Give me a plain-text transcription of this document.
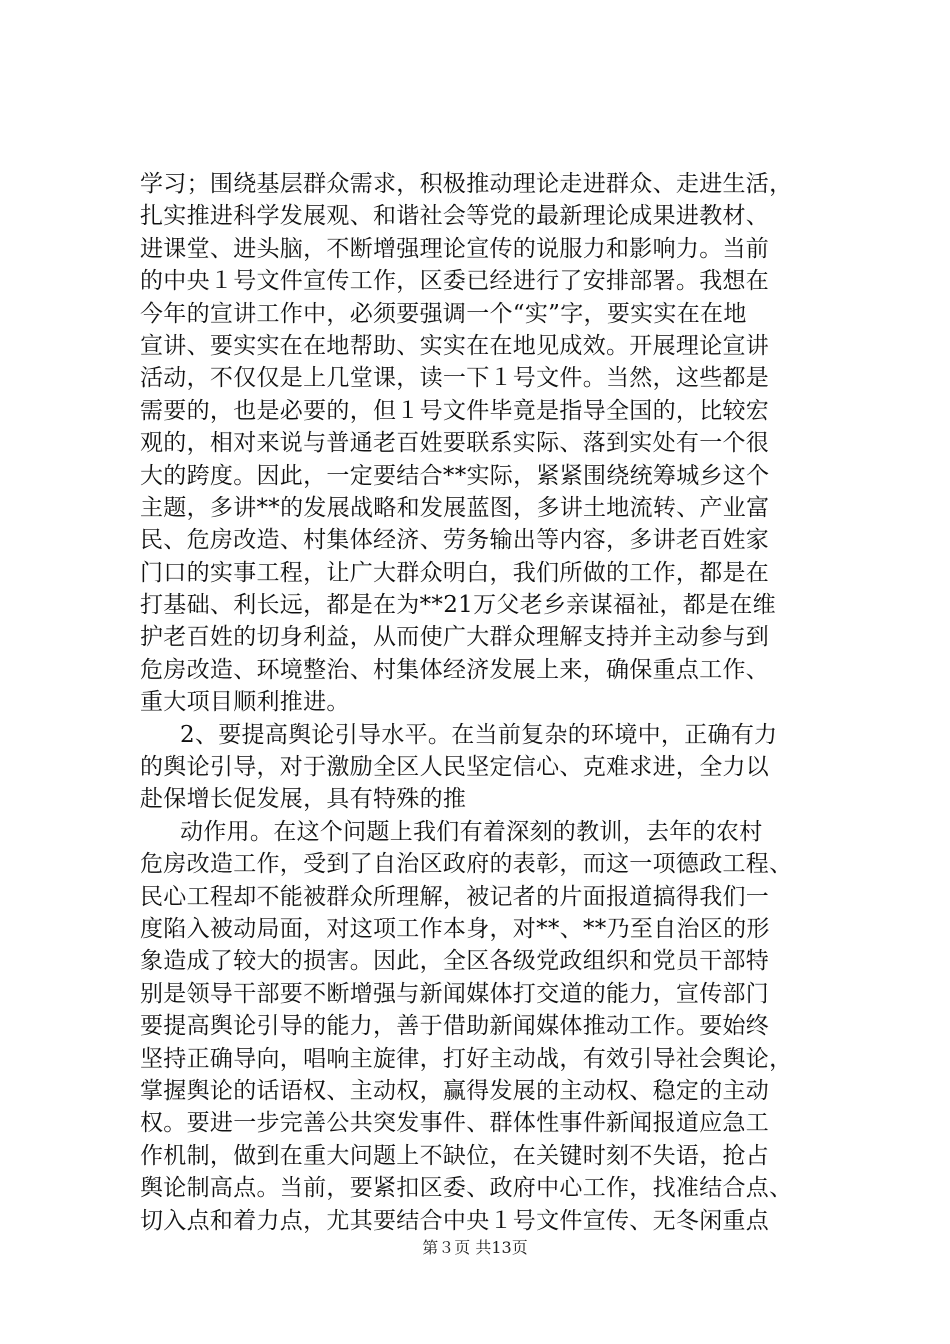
学习；围绕基层群众需求，积极推动理论走进群众、走进生活，
扎实推进科学发展观、和谐社会等党的最新理论成果进教材、
进课堂、进头脑，不断增强理论宣传的说服力和影响力。当前
的中央１号文件宣传工作，区委已经进行了安排部署。我想在
今年的宣讲工作中，必须要强调一个“实”字，要实实在在地
宣讲、要实实在在地帮助、实实在在地见成效。开展理论宣讲
活动，不仅仅是上几堂课，读一下１号文件。当然，这些都是
需要的，也是必要的，但１号文件毕竟是指导全国的，比较宏
观的，相对来说与普通老百姓要联系实际、落到实处有一个很
大的跨度。因此，一定要结合**实际，紧紧围绕统筹城乡这个
主题，多讲**的发展战略和发展蓝图，多讲土地流转、产业富
民、危房改造、村集体经济、劳务输出等内容，多讲老百姓家
门口的实事工程，让广大群众明白，我们所做的工作，都是在
打基础、利长远，都是在为**21万父老乡亲谋福祉，都是在维
护老百姓的切身利益，从而使广大群众理解支持并主动参与到
危房改造、环境整治、村集体经济发展上来，确保重点工作、
重大项目顺利推进。
2、要提高舆论引导水平。在当前复杂的环境中，正确有力
的舆论引导，对于激励全区人民坚定信心、克难求进，全力以
赴保增长促发展，具有特殊的推
动作用。在这个问题上我们有着深刻的教训，去年的农村
危房改造工作，受到了自治区政府的表彰，而这一项德政工程、
民心工程却不能被群众所理解，被记者的片面报道搞得我们一
度陷入被动局面，对这项工作本身，对**、**乃至自治区的形
象造成了较大的损害。因此，全区各级党政组织和党员干部特
别是领导干部要不断增强与新闻媒体打交道的能力，宣传部门
要提高舆论引导的能力，善于借助新闻媒体推动工作。要始终
坚持正确导向，唱响主旋律，打好主动战，有效引导社会舆论，
掌握舆论的话语权、主动权，赢得发展的主动权、稳定的主动
权。要进一步完善公共突发事件、群体性事件新闻报道应急工
作机制，做到在重大问题上不缺位，在关键时刻不失语，抢占
舆论制高点。当前，要紧扣区委、政府中心工作，找准结合点、
切入点和着力点，尤其要结合中央１号文件宣传、无冬闲重点
第３页 共13页
